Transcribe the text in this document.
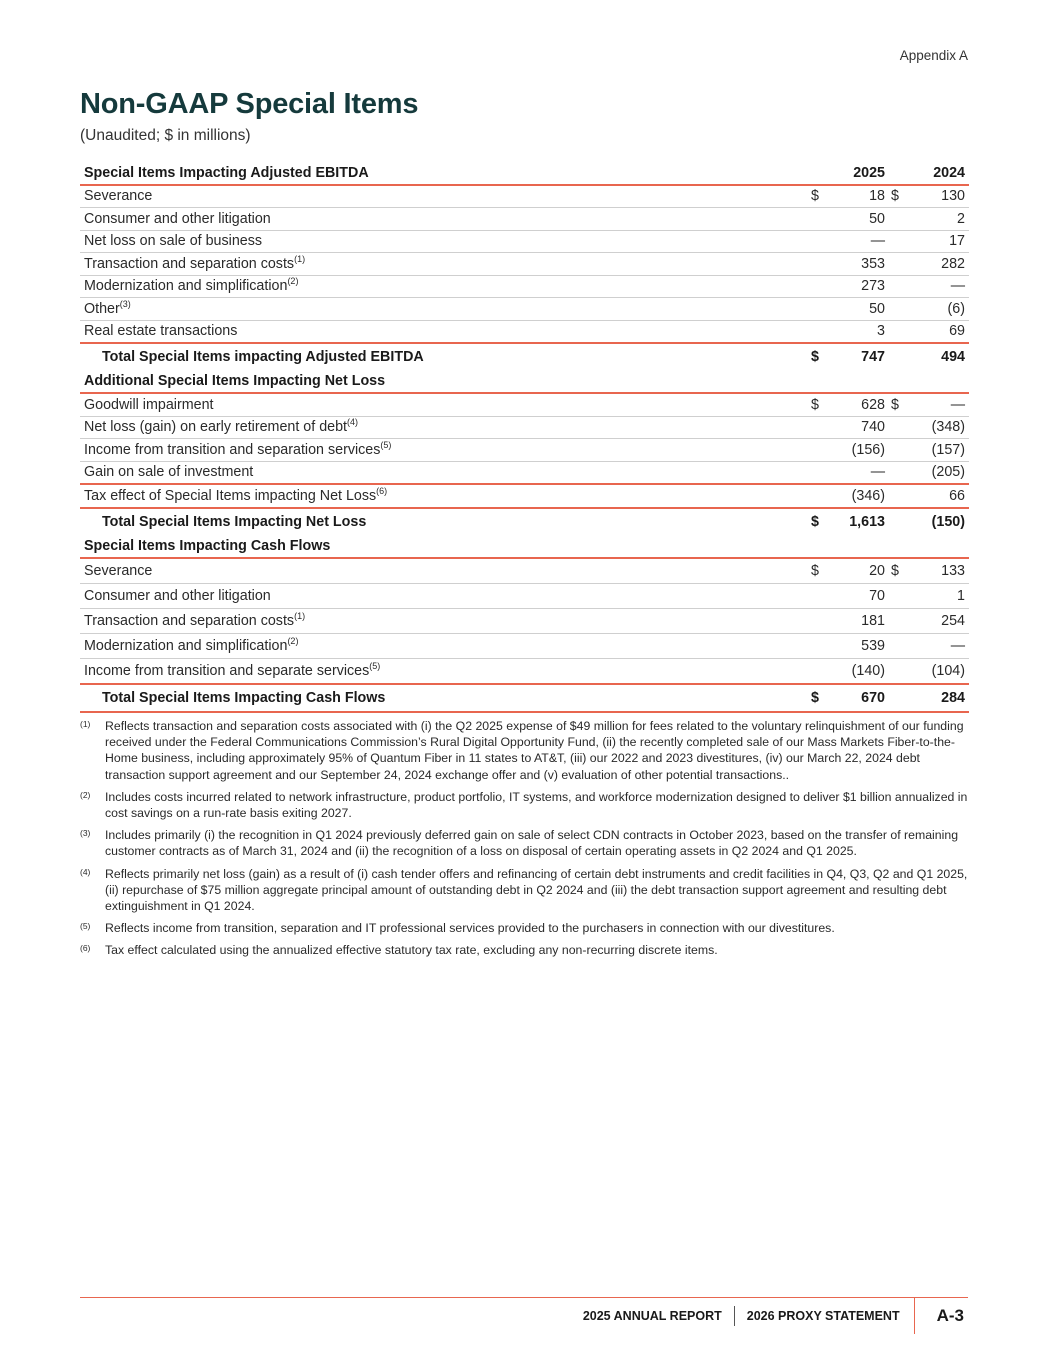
Appendix A
Non-GAAP Special Items
(Unaudited; $ in millions)
Special Items Impacting Adjusted EBITDA		2025		2024
Severance	$	18	$	130
Consumer and other litigation		50		2
Net loss on sale of business		—		17
Transaction and separation costs$^{(1)}$		353		282
Modernization and simplification$^{(2)}$		273		—
Other$^{(3)}$		50		(6)
Real estate transactions		3		69
Total Special Items impacting Adjusted EBITDA	$	747		494
Additional Special Items Impacting Net Loss				
Goodwill impairment	$	628	$	—
Net loss (gain) on early retirement of debt$^{(4)}$		740		(348)
Income from transition and separation services$^{(5)}$		(156)		(157)
Gain on sale of investment		—		(205)
Tax effect of Special Items impacting Net Loss$^{(6)}$		(346)		66
Total Special Items Impacting Net Loss	$	1,613		(150)
Special Items Impacting Cash Flows				
Severance	$	20	$	133
Consumer and other litigation		70		1
Transaction and separation costs$^{(1)}$		181		254
Modernization and simplification$^{(2)}$		539		—
Income from transition and separate services$^{(5)}$		(140)		(104)
Total Special Items Impacting Cash Flows	$	670		284
(1)	Reflects transaction and separation costs associated with (i) the Q2 2025 expense of $49 million for fees related to the voluntary relinquishment of our funding received under the Federal Communications Commission’s Rural Digital Opportunity Fund, (ii) the recently completed sale of our Mass Markets Fiber-to-the-Home business, including approximately 95% of Quantum Fiber in 11 states to AT&T, (iii) our 2022 and 2023 divestitures, (iv) our March 22, 2024 debt transaction support agreement and our September 24, 2024 exchange offer and (v) evaluation of other potential transactions..
(2)	Includes costs incurred related to network infrastructure, product portfolio, IT systems, and workforce modernization designed to deliver $1 billion annualized in cost savings on a run-rate basis exiting 2027.
(3)	Includes primarily (i) the recognition in Q1 2024 previously deferred gain on sale of select CDN contracts in October 2023, based on the transfer of remaining customer contracts as of March 31, 2024 and (ii) the recognition of a loss on disposal of certain operating assets in Q2 2024 and Q1 2025.
(4)	Reflects primarily net loss (gain) as a result of (i) cash tender offers and refinancing of certain debt instruments and credit facilities in Q4, Q3, Q2 and Q1 2025, (ii) repurchase of $75 million aggregate principal amount of outstanding debt in Q2 2024 and (iii) the debt transaction support agreement and resulting debt extinguishment in Q1 2024.
(5)	Reflects income from transition, separation and IT professional services provided to the purchasers in connection with our divestitures.
(6)	Tax effect calculated using the annualized effective statutory tax rate, excluding any non-recurring discrete items.
2025 ANNUAL REPORT 2026 PROXY STATEMENT A-3
